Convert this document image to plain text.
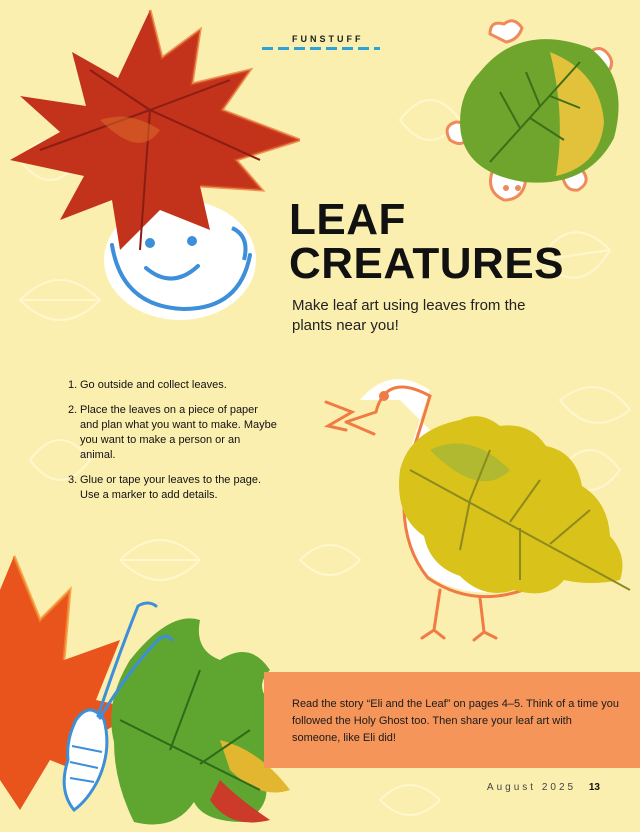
FUNSTUFF
LEAF
CREATURES
Make leaf art using leaves from the plants near you!
1. Go outside and collect leaves.
2. Place the leaves on a piece of paper and plan what you want to make. Maybe you want to make a person or an animal.
3. Glue or tape your leaves to the page. Use a marker to add details.
Read the story “Eli and the Leaf” on pages 4–5. Think of a time you followed the Holy Ghost too. Then share your leaf art with someone, like Eli did!
August 2025 13
